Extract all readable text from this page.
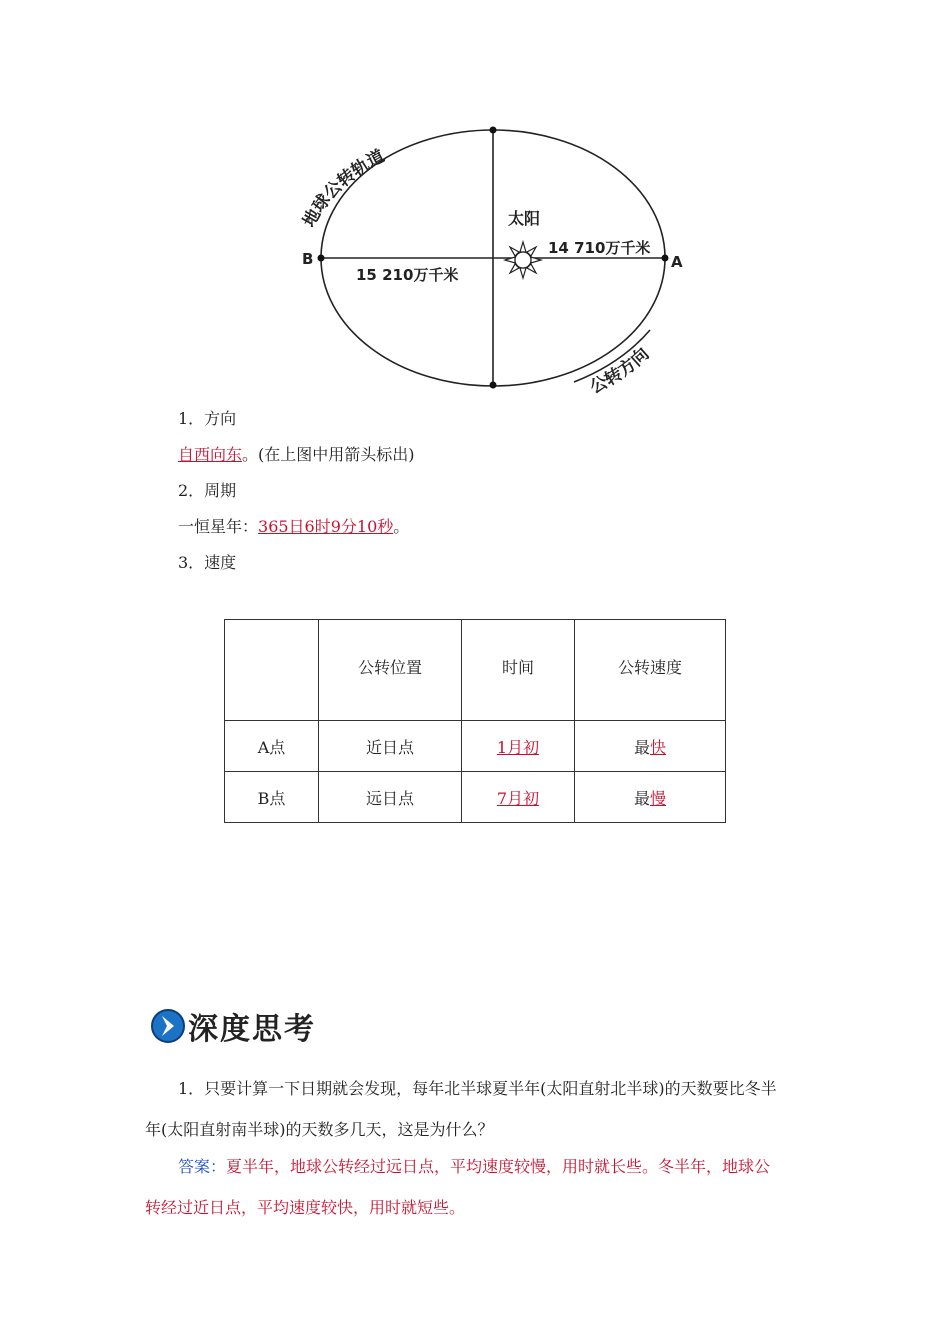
太阳
B	A
15 210万千米
14 710万千米
地球公转轨道
公转方向
1．方向
自西向东。(在上图中用箭头标出)
2．周期
一恒星年：365日6时9分10秒。
3．速度
	公转位置	时间	公转速度
A点	近日点	1月初	最快
B点	远日点	7月初	最慢
深度思考
1．只要计算一下日期就会发现，每年北半球夏半年(太阳直射北半球)的天数要比冬半
年(太阳直射南半球)的天数多几天，这是为什么？
答案：夏半年，地球公转经过远日点，平均速度较慢，用时就长些。冬半年，地球公
转经过近日点，平均速度较快，用时就短些。
